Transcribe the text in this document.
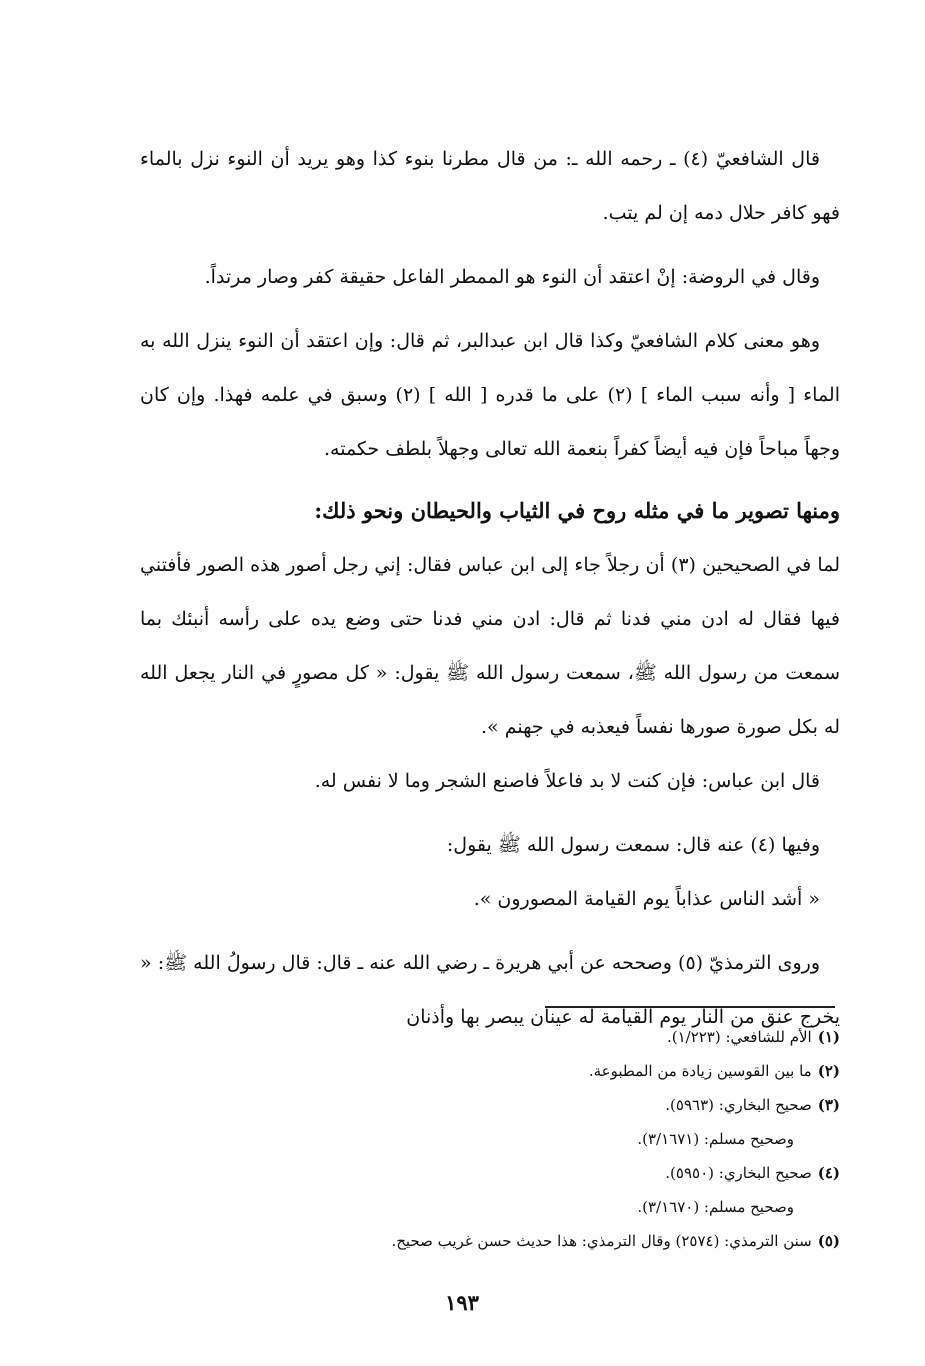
قال الشافعيّ (٤) ـ رحمه الله ـ: من قال مطرنا بنوء كذا وهو يريد أن النوء نزل بالماء فهو كافر حلال دمه إن لم يتب.

وقال في الروضة: إنْ اعتقد أن النوء هو الممطر الفاعل حقيقة كفر وصار مرتداً.

وهو معنى كلام الشافعيّ وكذا قال ابن عبدالبر، ثم قال: وإن اعتقد أن النوء ينزل الله به الماء [ وأنه سبب الماء ] (٢) على ما قدره [ الله ] (٢) وسبق في علمه فهذا. وإن كان وجهاً مباحاً فإن فيه أيضاً كفراً بنعمة الله تعالى وجهلاً بلطف حكمته.

ومنها تصوير ما في مثله روح في الثياب والحيطان ونحو ذلك:

لما في الصحيحين (٣) أن رجلاً جاء إلى ابن عباس فقال: إني رجل أصور هذه الصور فأفتني فيها فقال له ادن مني فدنا ثم قال: ادن مني فدنا حتى وضع يده على رأسه أنبئك بما سمعت من رسول الله ﷺ، سمعت رسول الله ﷺ يقول: « كل مصورٍ في النار يجعل الله له بكل صورة صورها نفساً فيعذبه في جهنم ».

قال ابن عباس: فإن كنت لا بد فاعلاً فاصنع الشجر وما لا نفس له.

وفيها (٤) عنه قال: سمعت رسول الله ﷺ يقول:

« أشد الناس عذاباً يوم القيامة المصورون ».

وروى الترمذيّ (٥) وصححه عن أبي هريرة ـ رضي الله عنه ـ قال: قال رسولُ الله ﷺ: « يخرج عنق من النار يوم القيامة له عينان يبصر بها وأذنان

(١)الأم للشافعي: (١/٢٢٣).

(٢)ما بين القوسين زيادة من المطبوعة.

(٣)صحيح البخاري: (٥٩٦٣).

وصحيح مسلم: (٣/١٦٧١).

(٤)صحيح البخاري: (٥٩٥٠).

وصحيح مسلم: (٣/١٦٧٠).

(٥)سنن الترمذي: (٢٥٧٤) وقال الترمذي: هذا حديث حسن غريب صحيح.

١٩٣
